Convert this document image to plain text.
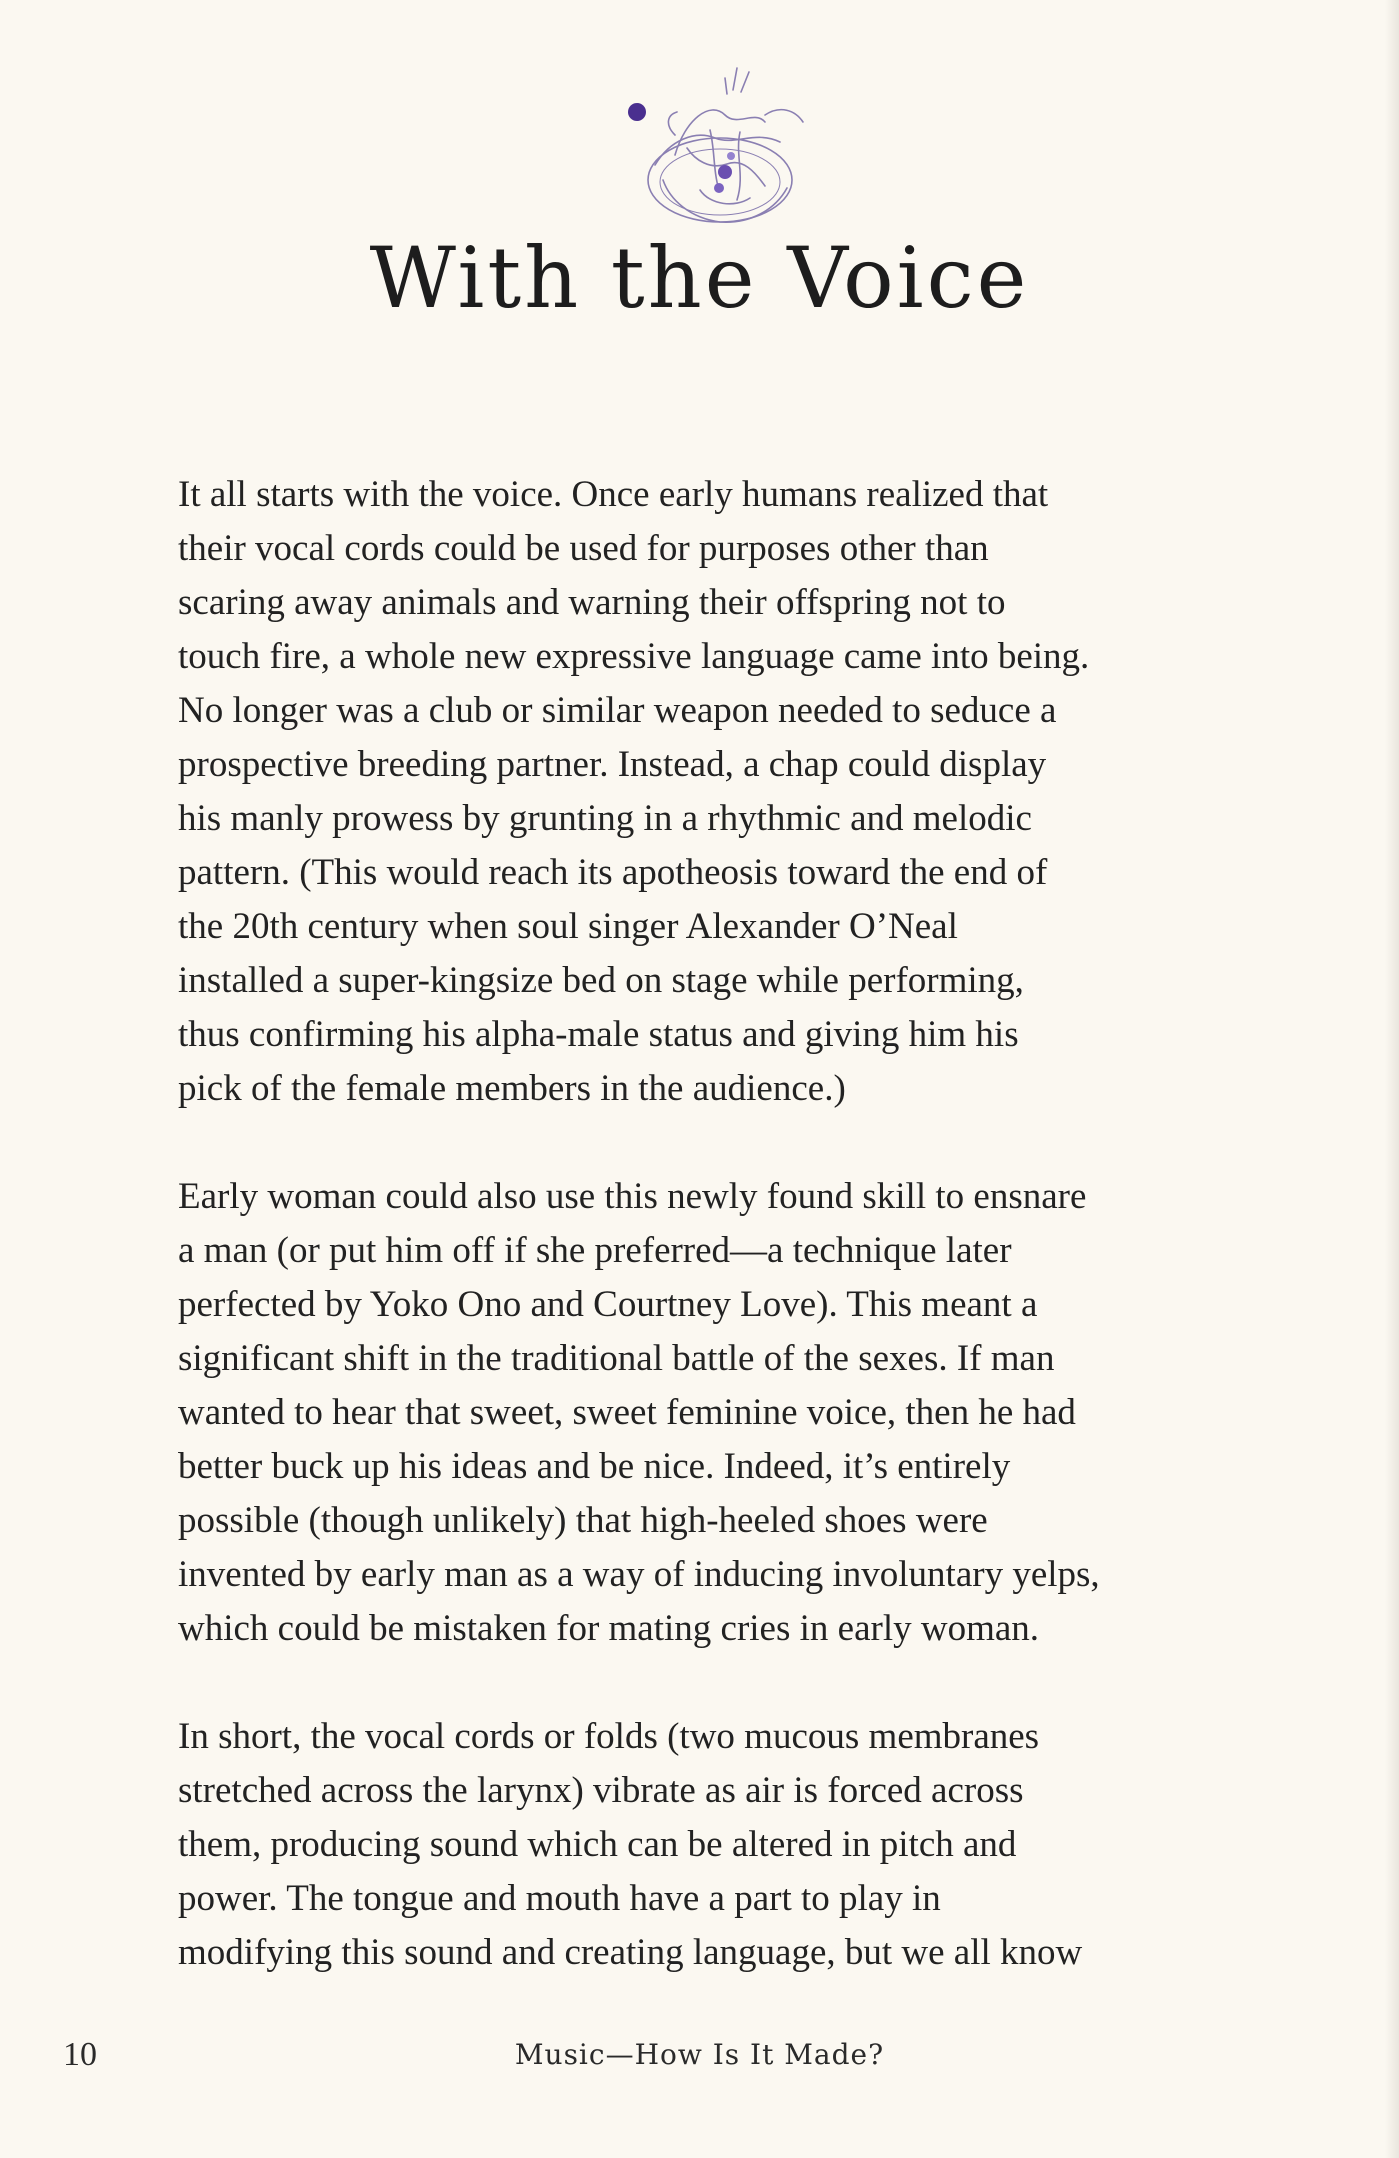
With the Voice

It all starts with the voice. Once early humans realized that
their vocal cords could be used for purposes other than
scaring away animals and warning their offspring not to
touch fire, a whole new expressive language came into being.
No longer was a club or similar weapon needed to seduce a
prospective breeding partner. Instead, a chap could display
his manly prowess by grunting in a rhythmic and melodic
pattern. (This would reach its apotheosis toward the end of
the 20th century when soul singer Alexander O’Neal
installed a super-kingsize bed on stage while performing,
thus confirming his alpha-male status and giving him his
pick of the female members in the audience.)

Early woman could also use this newly found skill to ensnare
a man (or put him off if she preferred—a technique later
perfected by Yoko Ono and Courtney Love). This meant a
significant shift in the traditional battle of the sexes. If man
wanted to hear that sweet, sweet feminine voice, then he had
better buck up his ideas and be nice. Indeed, it’s entirely
possible (though unlikely) that high-heeled shoes were
invented by early man as a way of inducing involuntary yelps,
which could be mistaken for mating cries in early woman.

In short, the vocal cords or folds (two mucous membranes
stretched across the larynx) vibrate as air is forced across
them, producing sound which can be altered in pitch and
power. The tongue and mouth have a part to play in
modifying this sound and creating language, but we all know

10	Music—How Is It Made?
